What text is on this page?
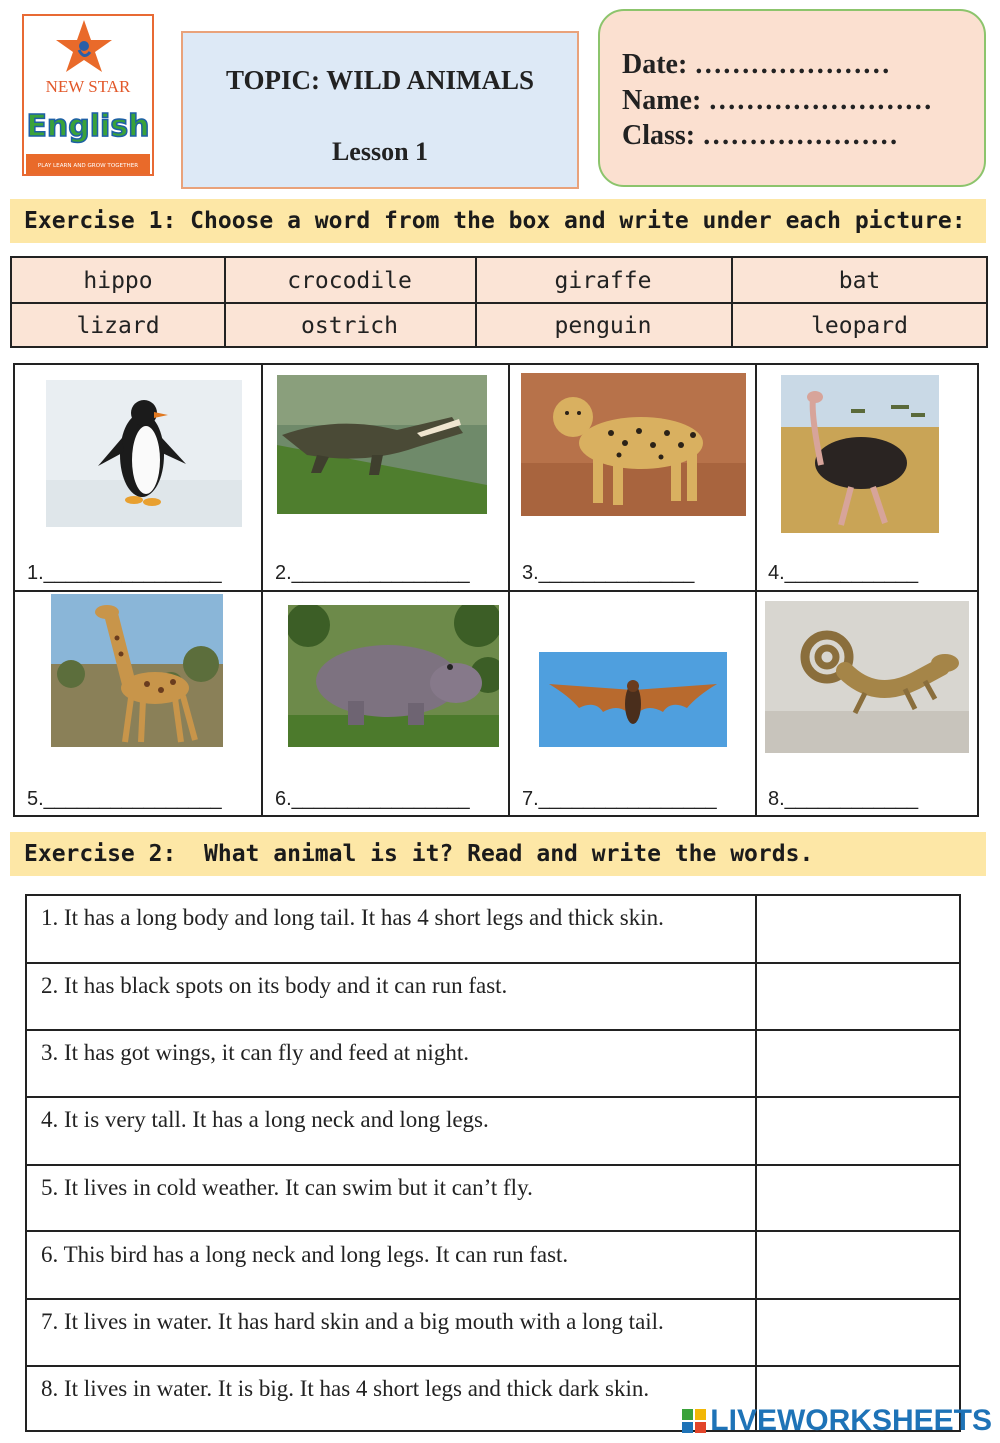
NEW STAR
English
PLAY LEARN AND GROW TOGETHER
TOPIC: WILD ANIMALS
Lesson 1
Date: …………………
Name: ……………………
Class: …………………
Exercise 1: Choose a word from the box and write under each picture:
hippo	crocodile	giraffe	bat
lizard	ostrich	penguin	leopard
1.________________	2.________________	3.______________	4.____________
5.________________	6.________________	7.________________	8.____________
Exercise 2:  What animal is it? Read and write the words.
1. It has a long body and long tail. It has 4 short legs and thick skin.
2. It has black spots on its body and it can run fast.
3. It has got wings, it can fly and feed at night.
4. It is very tall. It has a long neck and long legs.
5. It lives in cold weather. It can swim but it can’t fly.
6. This bird has a long neck and long legs. It can run fast.
7. It lives in water. It has hard skin and a big mouth with a long tail.
8. It lives in water. It is big. It has 4 short legs and thick dark skin.
LIVEWORKSHEETS
